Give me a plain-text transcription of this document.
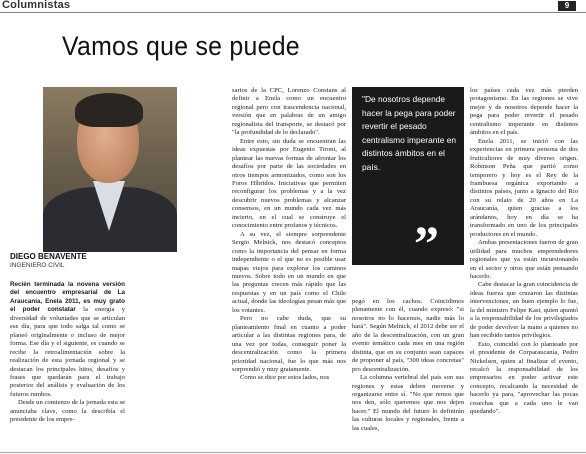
Columnistas	9
Vamos que se puede
DIEGO BENAVENTE
INGENIERO CIVIL

Recién terminada la novena versión del encuentro empresarial de La Araucanía, Enela 2011, es muy grato el poder constatar la energía y diversidad de voluntades que se articulan ese día, para que todo salga tal como se planeó originalmente o incluso de mejor forma. Ese día y el siguiente, es cuando se recibe la retroalimentación sobre la realización de esta jornada regional y se destacan los principales hitos, desafíos y frases que quedarán para el trabajo posterior del análisis y evaluación de los futuros rumbos.

Desde un comienzo de la jornada esta se anunciaba clave, como la describía el presidente de los empre-

sarios de la CPC, Lorenzo Constans al definir a Enela como un encuentro regional pero con trascendencia nacional, versión que en palabras de un amigo regionalista del transportе, se destacó por "la profundidad de lo declarado".

Entre esto, sin duda se encuentran las ideas expuestas por Eugenio Tironi, al plantear las nuevas formas de afrontar los desafíos por parte de las sociedades en otros tiempos armonizados, como son los Foros Híbridos. Iniciativas que permiten reconfigurar los problemas y a la vez descubrir nuevos problemas y alcanzar consensos, en un mundo cada vez más incierto, en el cual se construye el conocimiento entre profanos y técnicos.

A su vez, el siempre sorprendente Sergio Melnick, nos destacó conceptos como la importancia del pensar en forma independiente o el que no es posible usar mapas viejos para explorar los caminos nuevos. Sobre todo en un mundo en que las preguntas crecen más rápido que las respuestas y en un país como el Chile actual, donde las ideologías pesan más que los votantes.

Pero no cabe duda, que su planteamiento final en cuanto a poder articular a las distintas regiones para, de una vez por todas, conseguir poner la descentralización como la primera prioridad nacional, fue lo que más nos sorprendió y muy gratamente.

Como se dice por estos lados, nos

"De nosotros depende hacer la pega para poder revertir el pesado centralismo imperante en distintos ámbitos en el país.
”

pegó en los cachos. Coincidimos plenamente con él, cuando expresó: "si nosotros no lo hacemos, nadie más lo hará". Según Melnick, el 2012 debe ser el año de la descentralización, con un gran evento temático cada mes en una región distinta, que en su conjunto sean capaces de proponer al país, "300 ideas concretas" pro descentralización.

La columna vertebral del país son sus regiones y estas deben moverse y organizarse entre sí. "No que remos que nos den, sólo queremos que nos dejen hacer." El mundo del futuro lo definirán las culturas locales y regionales, frente a las cuales,

los países cada vez más pierden protagonismo. En las regiones se vive mejor y de nosotros depende hacer la pega para poder revertir el pesado centralismo imperante en distintos ámbitos en el país.

Enela 2011, se inició con las experiencias en primera persona de dos fruticultores de muy diverso origen. Robinson Peña que partió como temporero y hoy es el Rey de la frambuesa orgánica exportando a distintos países, junto a Ignacio del Río con su relato de 20 años en La Araucanía, quien gracias a los arándanos, hoy en día se ha transformado en uno de los principales productores en el mundo.

Ambas presentaciones fueron de gran utilidad para muchos emprendedores regionales que ya están incursionando en el sector y otros que están pensando hacerlo.

Cabe destacar la gran coincidencia de ideas fuerza que cruzaron las distintas intervenciones, un buen ejemplo lo fue, la del ministro Felipe Kast, quien apuntó a la responsabilidad de los privilegiados de poder devolver la mano a quienes no han recibido tantos privilegios.

Esto, coincidió con lo planteado por el presidente de Corparaucanía, Pedro Nickelsen, quien al finalizar el evento, recalcó la responsabilidad de los empresarios en poder activar este concepto, recalcando la necesidad de hacerlo ya para, "aprovechar las pocas cosechas que a cada uno le van quedando".
